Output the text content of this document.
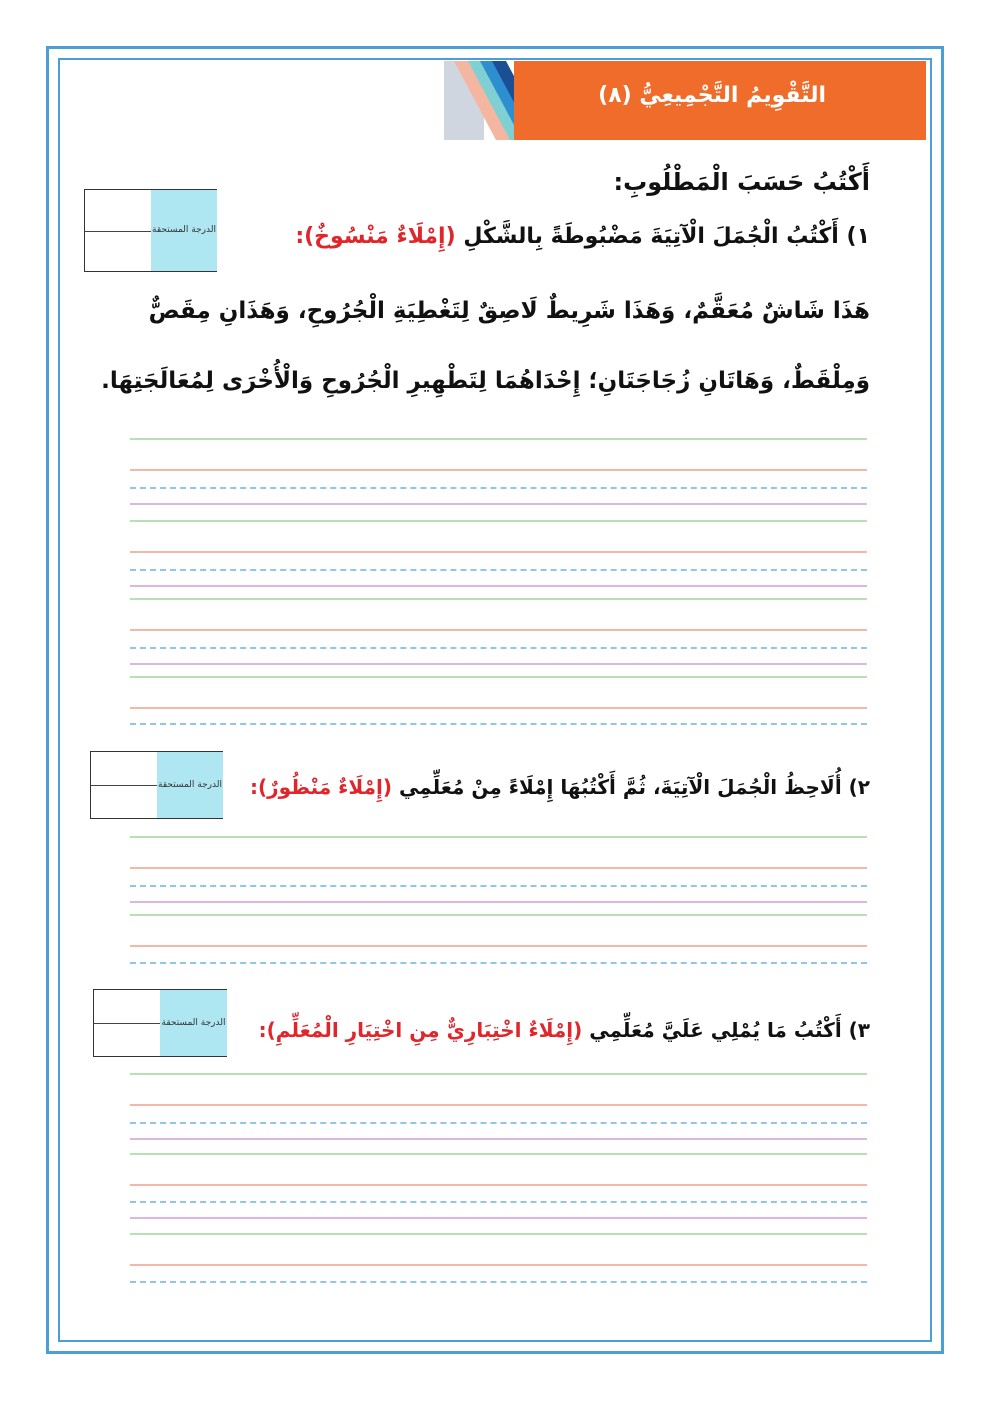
التَّقْوِيمُ التَّجْمِيعِيُّ (٨)
أَكْتُبُ حَسَبَ الْمَطْلُوبِ:
الدرجة المستحقة	١) أَكْتُبُ الْجُمَلَ الْآتِيَةَ مَضْبُوطَةً بِالشَّكْلِ (إِمْلَاءٌ مَنْسُوخٌ):
هَذَا شَاشٌ مُعَقَّمٌ، وَهَذَا شَرِيطٌ لَاصِقٌ لِتَغْطِيَةِ الْجُرُوحِ، وَهَذَانِ مِقَصٌّ
وَمِلْقَطٌ، وَهَاتَانِ زُجَاجَتَانِ؛ إِحْدَاهُمَا لِتَطْهِيرِ الْجُرُوحِ وَالْأُخْرَى لِمُعَالَجَتِهَا.
الدرجة المستحقة	٢) أُلَاحِظُ الْجُمَلَ الْآتِيَةَ، ثُمَّ أَكْتُبُهَا إِمْلَاءً مِنْ مُعَلِّمِي (إِمْلَاءٌ مَنْظُورٌ):
الدرجة المستحقة	٣) أَكْتُبُ مَا يُمْلِي عَلَيَّ مُعَلِّمِي (إِمْلَاءٌ اخْتِبَارِيٌّ مِنِ اخْتِيَارِ الْمُعَلِّمِ):
